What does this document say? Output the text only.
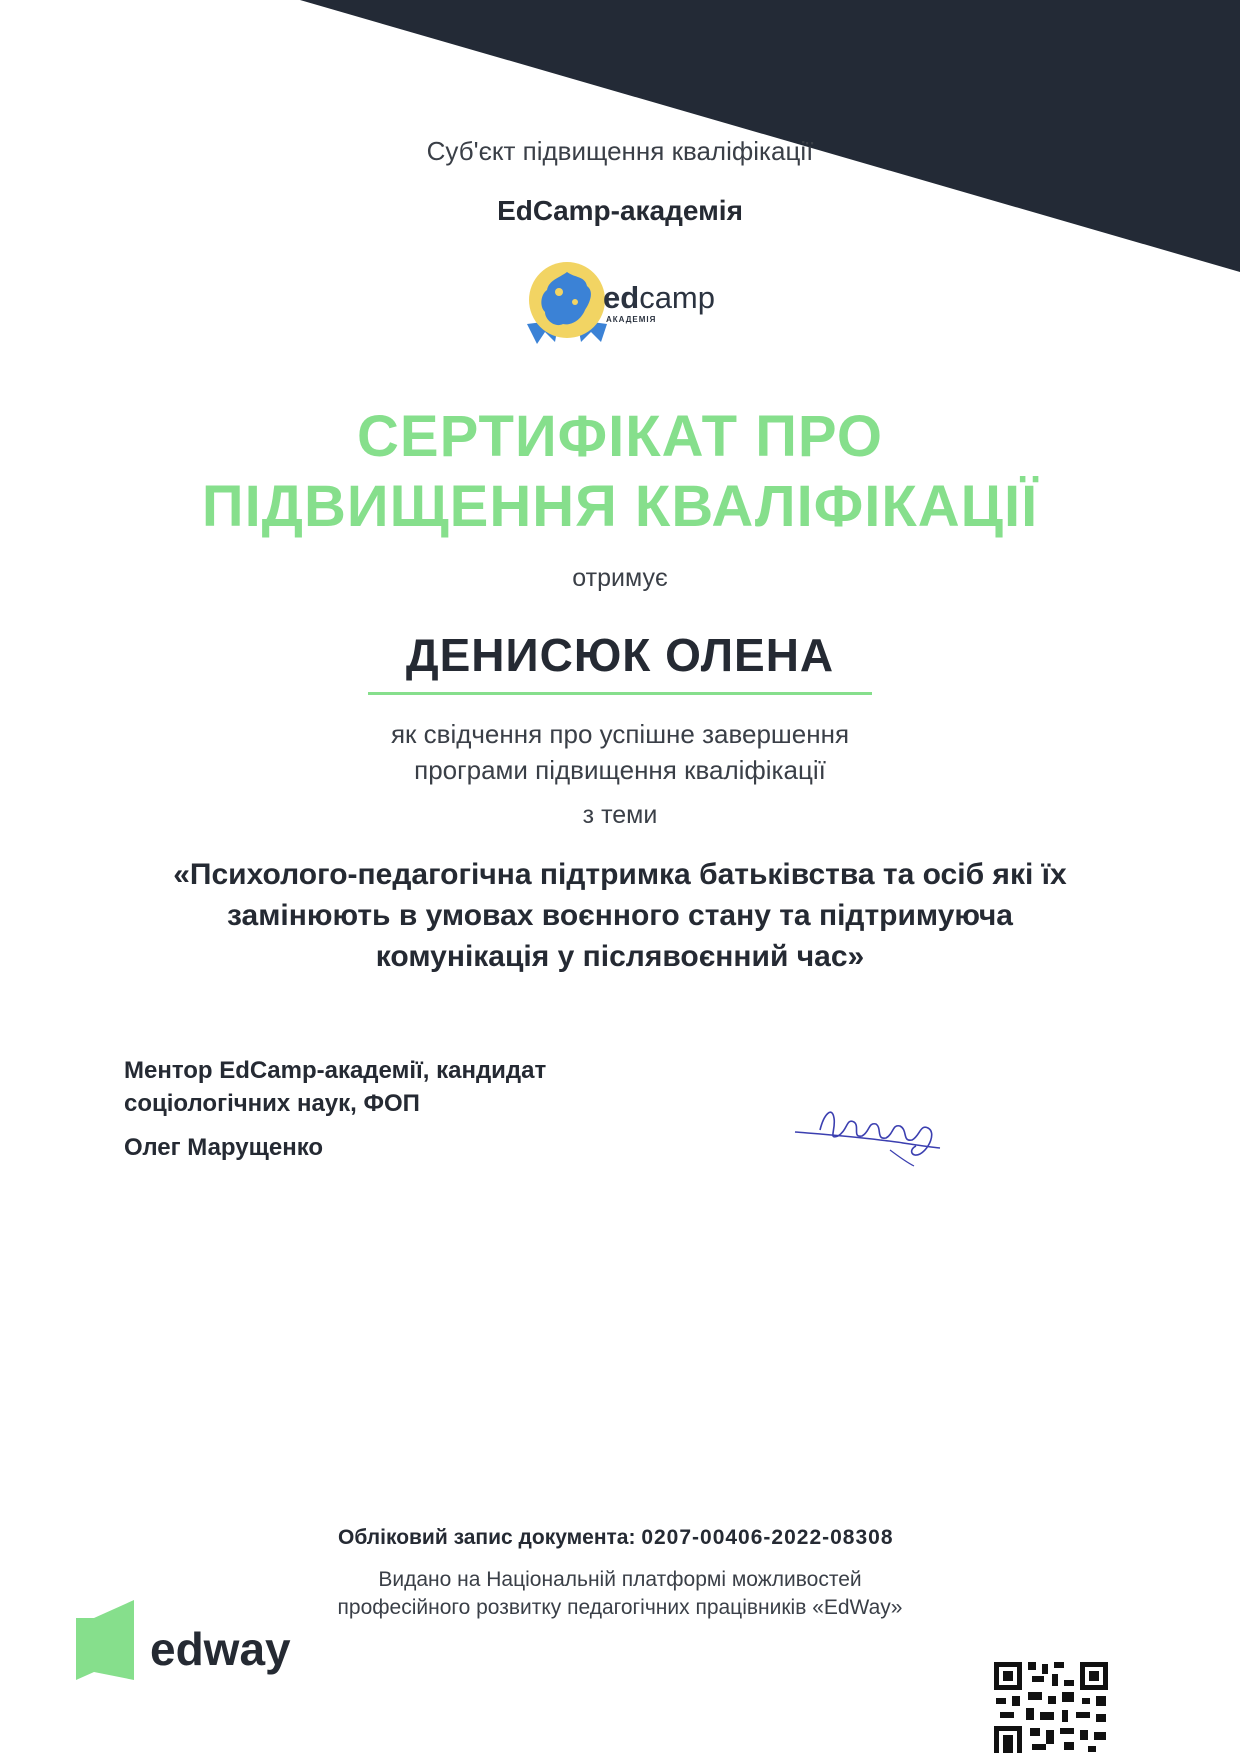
Суб'єкт підвищення кваліфікації
EdCamp-академія
edcamp
АКАДЕМІЯ
СЕРТИФІКАТ ПРО
ПІДВИЩЕННЯ КВАЛІФІКАЦІЇ
отримує
ДЕНИСЮК ОЛЕНА
як свідчення про успішне завершення
програми підвищення кваліфікації
з теми
«Психолого-педагогічна підтримка батьківства та осіб які їх
замінюють в умовах воєнного стану та підтримуюча
комунікація у післявоєнний час»
Ментор EdCamp-академії, кандидат
соціологічних наук, ФОП
Олег Марущенко
Обліковий запис документа: 0207-00406-2022-08308
Видано на Національній платформі можливостей
професійного розвитку педагогічних працівників «EdWay»
edway
